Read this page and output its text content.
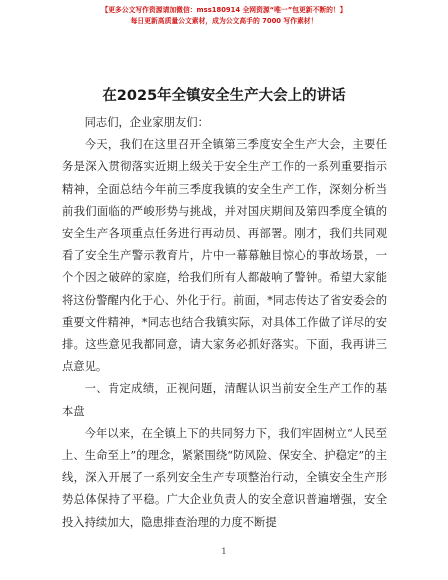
【更多公文写作资源请加微信：mss180914 全网资源“唯一”包更新不断的！】
每日更新高质量公文素材，成为公文高手的 7000 写作素材！
在2025年全镇安全生产大会上的讲话

同志们，企业家朋友们：

今天，我们在这里召开全镇第三季度安全生产大会，主要任务是深入贯彻落实近期上级关于安全生产工作的一系列重要指示精神，全面总结今年前三季度我镇的安全生产工作，深刻分析当前我们面临的严峻形势与挑战，并对国庆期间及第四季度全镇的安全生产各项重点任务进行再动员、再部署。刚才，我们共同观看了安全生产警示教育片，片中一幕幕触目惊心的事故场景，一个个因之破碎的家庭，给我们所有人都敲响了警钟。希望大家能将这份警醒内化于心、外化于行。前面，*同志传达了省安委会的重要文件精神，*同志也结合我镇实际，对具体工作做了详尽的安排。这些意见我都同意，请大家务必抓好落实。下面，我再讲三点意见。

一、肯定成绩，正视问题，清醒认识当前安全生产工作的基本盘

今年以来，在全镇上下的共同努力下，我们牢固树立“人民至上、生命至上”的理念，紧紧围绕“防风险、保安全、护稳定”的主线，深入开展了一系列安全生产专项整治行动，全镇安全生产形势总体保持了平稳。广大企业负责人的安全意识普遍增强，安全投入持续加大，隐患排查治理的力度不断提

1
